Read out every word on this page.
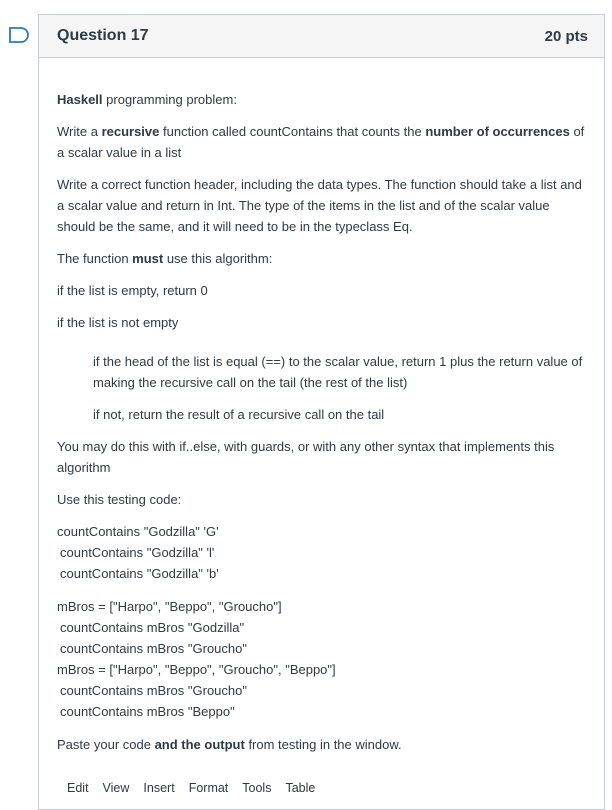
Question 17	20 pts

Haskell programming problem:

Write a recursive function called countContains that counts the number of occurrences of a scalar value in a list

Write a correct function header, including the data types. The function should take a list and a scalar value and return in Int. The type of the items in the list and of the scalar value should be the same, and it will need to be in the typeclass Eq.

The function must use this algorithm:

if the list is empty, return 0

if the list is not empty

if the head of the list is equal (==) to the scalar value, return 1 plus the return value of making the recursive call on the tail (the rest of the list)

if not, return the result of a recursive call on the tail

You may do this with if..else, with guards, or with any other syntax that implements this algorithm

Use this testing code:

countContains "Godzilla" 'G'
countContains "Godzilla" 'l'
countContains "Godzilla" 'b'
mBros = ["Harpo", "Beppo", "Groucho"]
countContains mBros "Godzilla"
countContains mBros "Groucho"
mBros = ["Harpo", "Beppo", "Groucho", "Beppo"]
countContains mBros "Groucho"
countContains mBros "Beppo"

Paste your code and the output from testing in the window.

Edit View Insert Format Tools Table
